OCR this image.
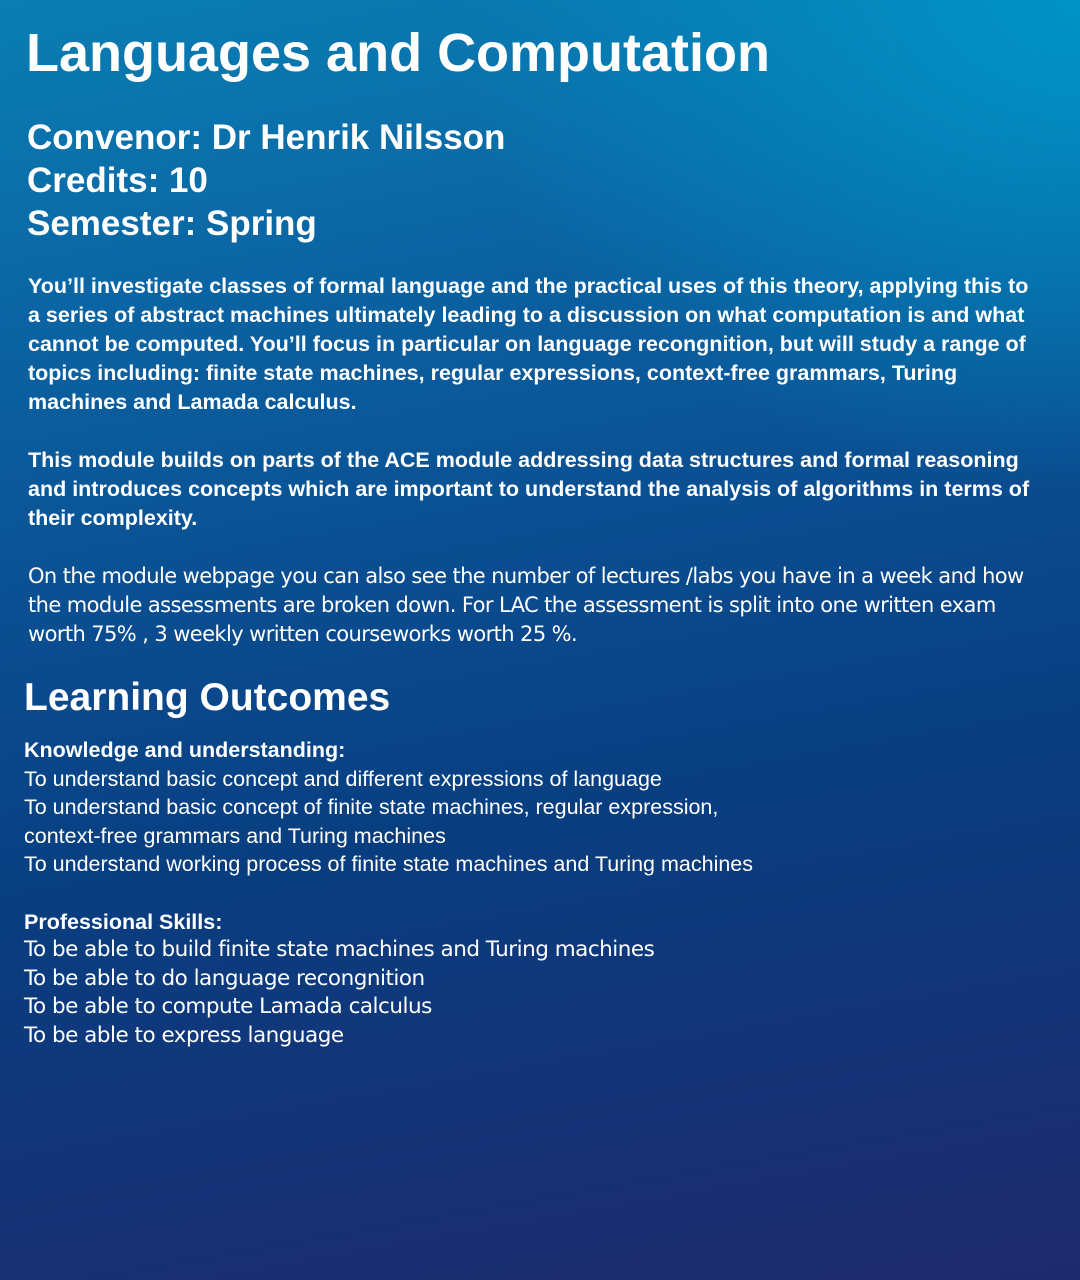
Languages and Computation
Convenor: Dr Henrik Nilsson
Credits: 10
Semester: Spring

You’ll investigate classes of formal language and the practical uses of this theory, applying this to a series of abstract machines ultimately leading to a discussion on what computation is and what cannot be computed. You’ll focus in particular on language recongnition, but will study a range of topics including: finite state machines, regular expressions, context-free grammars, Turing machines and Lamada calculus.

This module builds on parts of the ACE module addressing data structures and formal reasoning and introduces concepts which are important to understand the analysis of algorithms in terms of their complexity.

On the module webpage you can also see the number of lectures /labs you have in a week and how the module assessments are broken down. For LAC the assessment is split into one written exam worth 75% , 3 weekly written courseworks worth 25 %.

Learning Outcomes
Knowledge and understanding:
To understand basic concept and different expressions of language
To understand basic concept of finite state machines, regular expression,
context-free grammars and Turing machines
To understand working process of finite state machines and Turing machines
Professional Skills:
To be able to build finite state machines and Turing machines
To be able to do language recongnition
To be able to compute Lamada calculus
To be able to express language
